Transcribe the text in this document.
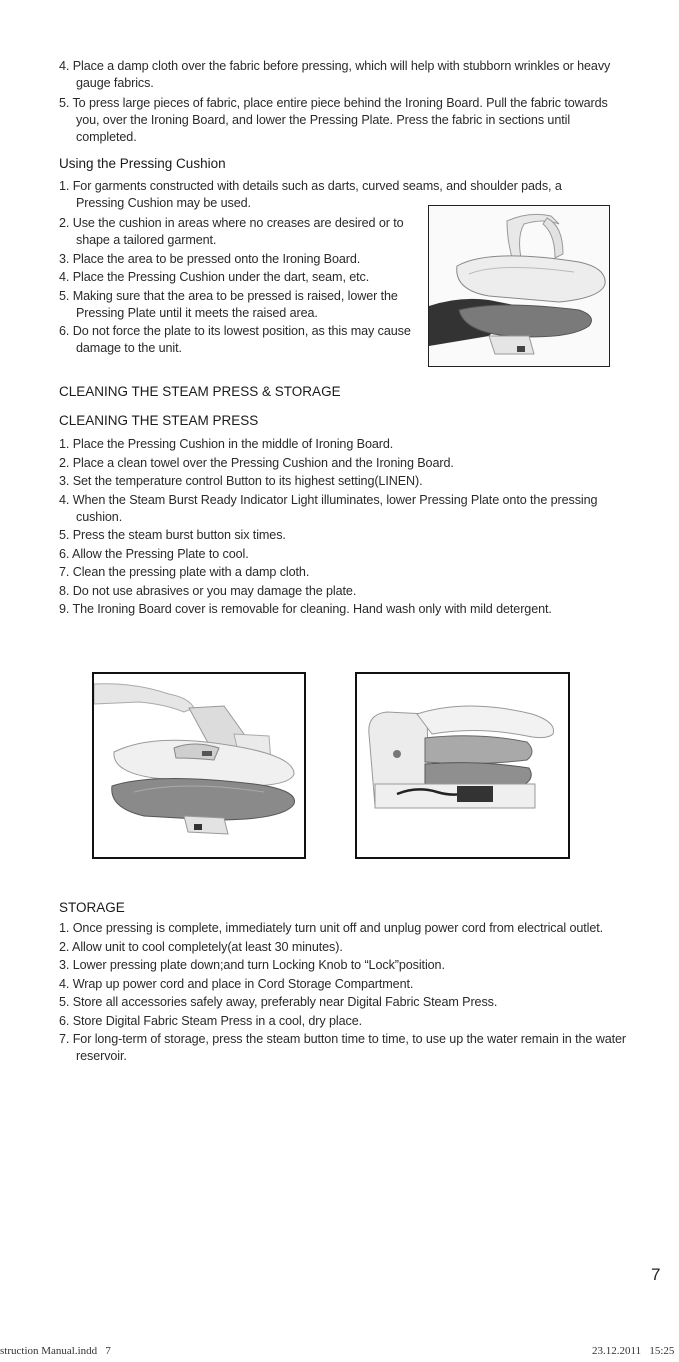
4. Place a damp cloth over the fabric before pressing, which will help with stubborn wrinkles or heavy gauge fabrics.
5. To press large pieces of fabric, place entire piece behind the Ironing Board. Pull the fabric towards you, over the Ironing Board, and lower the Pressing Plate. Press the fabric in sections until completed.
Using the Pressing Cushion
1. For garments constructed with details such as darts, curved seams, and shoulder pads, a Pressing Cushion may be used.
2. Use the cushion in areas where no creases are desired or to shape a tailored garment.
3. Place the area to be pressed onto the Ironing Board.
4. Place the Pressing Cushion under the dart, seam, etc.
5. Making sure that the area to be pressed is raised, lower the Pressing Plate until it meets the raised area.
6. Do not force the plate to its lowest position, as this may cause damage to the unit.
CLEANING THE STEAM PRESS & STORAGE
CLEANING THE STEAM PRESS
1. Place the Pressing Cushion in the middle of Ironing Board.
2. Place a clean towel over the Pressing Cushion and the Ironing Board.
3. Set the temperature control Button to its highest setting(LINEN).
4. When the Steam Burst Ready Indicator Light illuminates, lower Pressing Plate onto the pressing cushion.
5. Press the steam burst button six times.
6. Allow the Pressing Plate to cool.
7. Clean the pressing plate with a damp cloth.
8. Do not use abrasives or you may damage the plate.
9. The Ironing Board cover is removable for cleaning. Hand wash only with mild detergent.
STORAGE
1. Once pressing is complete, immediately turn unit off and unplug power cord from electrical outlet.
2. Allow unit to cool completely(at least 30 minutes).
3. Lower pressing plate down;and turn Locking Knob to “Lock”position.
4. Wrap up power cord and place in Cord Storage Compartment.
5. Store all accessories safely away, preferably near Digital Fabric Steam Press.
6. Store Digital Fabric Steam Press in a cool, dry place.
7. For long-term of storage, press the steam button time to time, to use up the water remain in the water reservoir.
7
struction Manual.indd   7	23.12.2011   15:25
